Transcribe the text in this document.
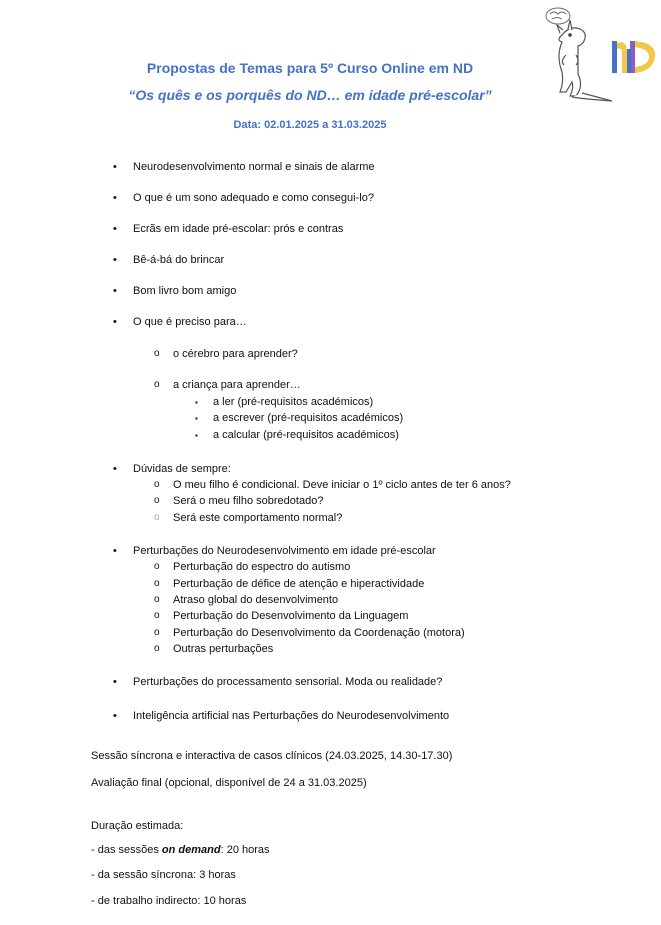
Propostas de Temas para 5º Curso Online em ND
“Os quês e os porquês do ND… em idade pré-escolar”
Data: 02.01.2025 a 31.03.2025
• Neurodesenvolvimento normal e sinais de alarme
• O que é um sono adequado e como consegui-lo?
• Ecrãs em idade pré-escolar: prós e contras
• Bê-á-bá do brincar
• Bom livro bom amigo
• O que é preciso para…
• Dúvidas de sempre:
• Perturbações do Neurodesenvolvimento em idade pré-escolar
• Perturbações do processamento sensorial. Moda ou realidade?
• Inteligência artificial nas Perturbações do Neurodesenvolvimento
o o cérebro para aprender?
o a criança para aprender…
▪ a ler (pré-requisitos académicos)
▪ a escrever (pré-requisitos académicos)
▪ a calcular (pré-requisitos académicos)
o O meu filho é condicional. Deve iniciar o 1º ciclo antes de ter 6 anos?
o Será o meu filho sobredotado?
o Será este comportamento normal?
o Perturbação do espectro do autismo
o Perturbação de défice de atenção e hiperactividade
o Atraso global do desenvolvimento
o Perturbação do Desenvolvimento da Linguagem
o Perturbação do Desenvolvimento da Coordenação (motora)
o Outras perturbações
Sessão síncrona e interactiva de casos clínicos (24.03.2025, 14.30-17.30)
Avaliação final (opcional, disponível de 24 a 31.03.2025)
Duração estimada:
- das sessões on demand: 20 horas
- da sessão síncrona: 3 horas
- de trabalho indirecto: 10 horas
